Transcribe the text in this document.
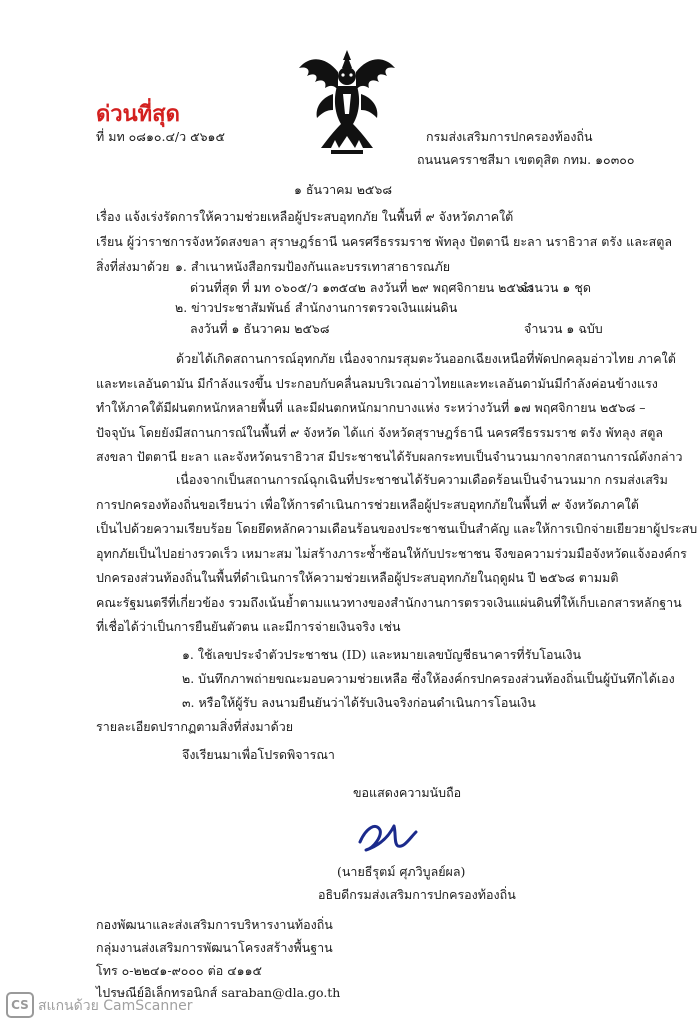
ด่วนที่สุด
ที่ มท ๐๘๑๐.๔/ว ๕๖๑๕	กรมส่งเสริมการปกครองท้องถิ่น
ถนนนครราชสีมา เขตดุสิต กทม. ๑๐๓๐๐
๑ ธันวาคม ๒๕๖๘
เรื่อง แจ้งเร่งรัดการให้ความช่วยเหลือผู้ประสบอุทกภัย ในพื้นที่ ๙ จังหวัดภาคใต้
เรียน ผู้ว่าราชการจังหวัดสงขลา สุราษฎร์ธานี นครศรีธรรมราช พัทลุง ปัตตานี ยะลา นราธิวาส ตรัง และสตูล
สิ่งที่ส่งมาด้วย ๑. สำเนาหนังสือกรมป้องกันและบรรเทาสาธารณภัย
ด่วนที่สุด ที่ มท ๐๖๐๕/ว ๑๓๕๔๒ ลงวันที่ ๒๙ พฤศจิกายน ๒๕๖๘
จำนวน ๑ ชุด
๒. ข่าวประชาสัมพันธ์ สำนักงานการตรวจเงินแผ่นดิน
ลงวันที่ ๑ ธันวาคม ๒๕๖๘	จำนวน ๑ ฉบับ
ด้วยได้เกิดสถานการณ์อุทกภัย เนื่องจากมรสุมตะวันออกเฉียงเหนือที่พัดปกคลุมอ่าวไทย ภาคใต้
และทะเลอันดามัน มีกำลังแรงขึ้น ประกอบกับคลื่นลมบริเวณอ่าวไทยและทะเลอันดามันมีกำลังค่อนข้างแรง
ทำให้ภาคใต้มีฝนตกหนักหลายพื้นที่ และมีฝนตกหนักมากบางแห่ง ระหว่างวันที่ ๑๗ พฤศจิกายน ๒๕๖๘ –
ปัจจุบัน โดยยังมีสถานการณ์ในพื้นที่ ๙ จังหวัด ได้แก่ จังหวัดสุราษฎร์ธานี นครศรีธรรมราช ตรัง พัทลุง สตูล
สงขลา ปัตตานี ยะลา และจังหวัดนราธิวาส มีประชาชนได้รับผลกระทบเป็นจำนวนมากจากสถานการณ์ดังกล่าว
เนื่องจากเป็นสถานการณ์ฉุกเฉินที่ประชาชนได้รับความเดือดร้อนเป็นจำนวนมาก กรมส่งเสริม
การปกครองท้องถิ่นขอเรียนว่า เพื่อให้การดำเนินการช่วยเหลือผู้ประสบอุทกภัยในพื้นที่ ๙ จังหวัดภาคใต้
เป็นไปด้วยความเรียบร้อย โดยยึดหลักความเดือนร้อนของประชาชนเป็นสำคัญ และให้การเบิกจ่ายเยียวยาผู้ประสบ
อุทกภัยเป็นไปอย่างรวดเร็ว เหมาะสม ไม่สร้างภาระซ้ำซ้อนให้กับประชาชน จึงขอความร่วมมือจังหวัดแจ้งองค์กร
ปกครองส่วนท้องถิ่นในพื้นที่ดำเนินการให้ความช่วยเหลือผู้ประสบอุทกภัยในฤดูฝน ปี ๒๕๖๘ ตามมติ
คณะรัฐมนตรีที่เกี่ยวข้อง รวมถึงเน้นย้ำตามแนวทางของสำนักงานการตรวจเงินแผ่นดินที่ให้เก็บเอกสารหลักฐาน
ที่เชื่อได้ว่าเป็นการยืนยันตัวตน และมีการจ่ายเงินจริง เช่น
๑. ใช้เลขประจำตัวประชาชน (ID) และหมายเลขบัญชีธนาคารที่รับโอนเงิน
๒. บันทึกภาพถ่ายขณะมอบความช่วยเหลือ ซึ่งให้องค์กรปกครองส่วนท้องถิ่นเป็นผู้บันทึกได้เอง
๓. หรือให้ผู้รับ ลงนามยืนยันว่าได้รับเงินจริงก่อนดำเนินการโอนเงิน
รายละเอียดปรากฏตามสิ่งที่ส่งมาด้วย
จึงเรียนมาเพื่อโปรดพิจารณา
ขอแสดงความนับถือ
(นายธีรุตม์ ศุภวิบูลย์ผล)
อธิบดีกรมส่งเสริมการปกครองท้องถิ่น
กองพัฒนาและส่งเสริมการบริหารงานท้องถิ่น
กลุ่มงานส่งเสริมการพัฒนาโครงสร้างพื้นฐาน
โทร ๐-๒๒๔๑-๙๐๐๐ ต่อ ๔๑๑๕
ไปรษณีย์อิเล็กทรอนิกส์ saraban@dla.go.th
CS สแกนด้วย CamScanner
